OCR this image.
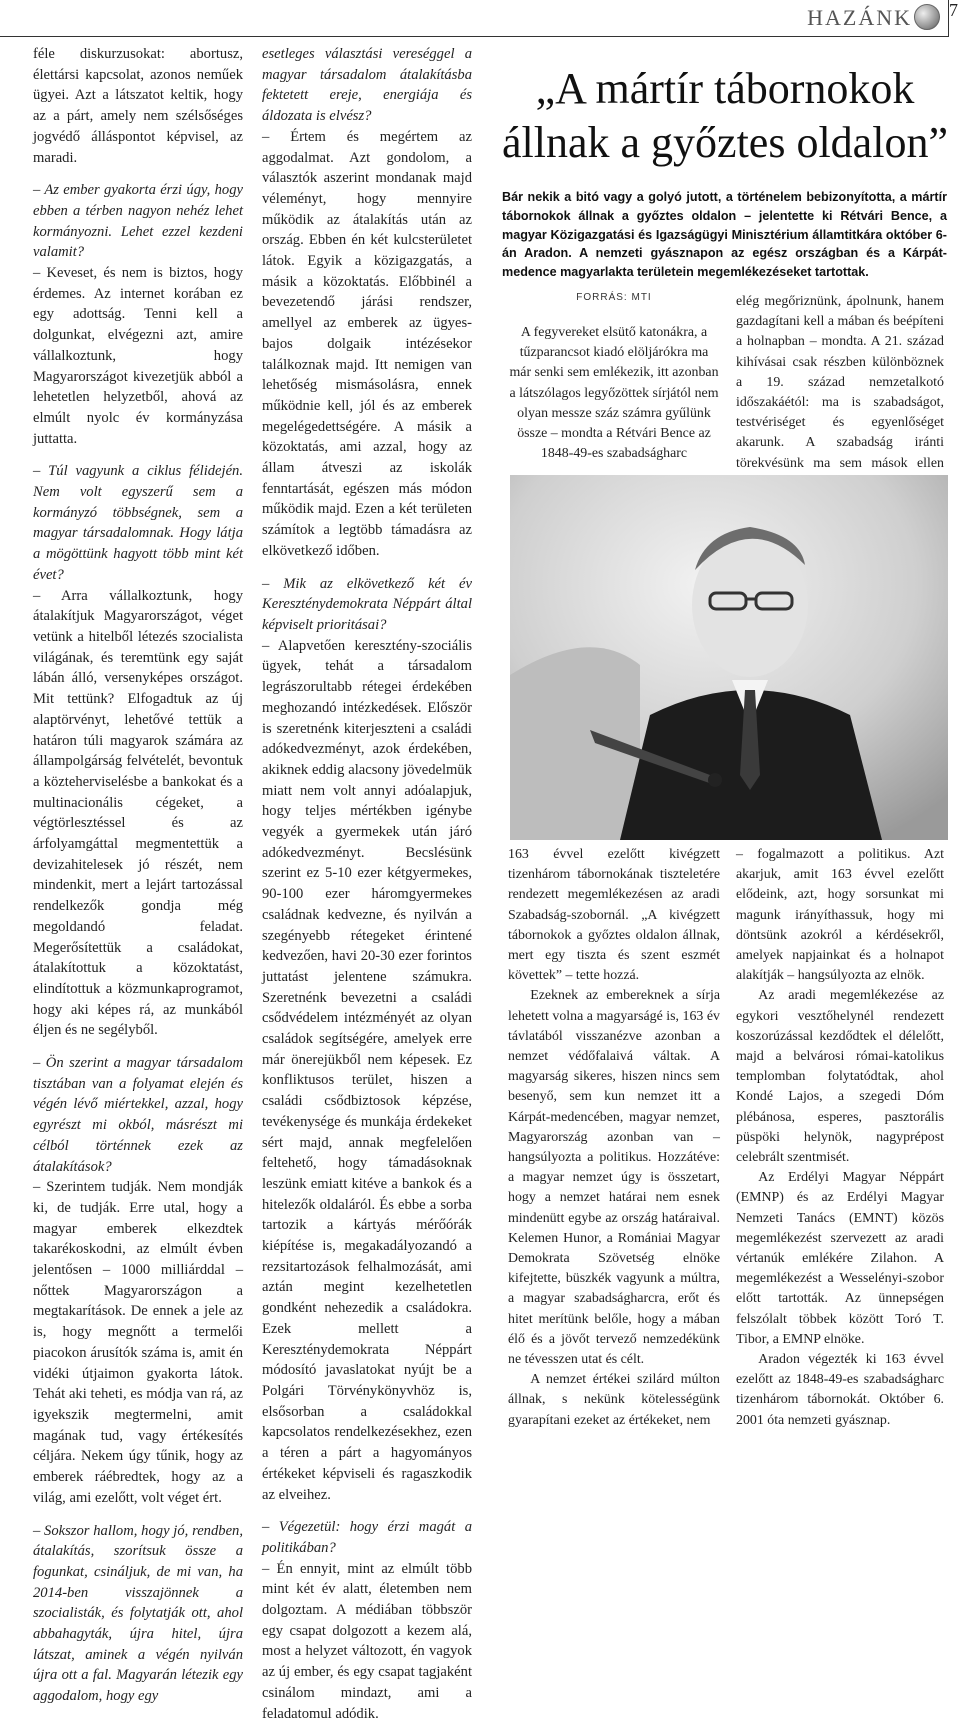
HAZÁNK 7

féle diskurzusokat: abortusz, élettársi kapcsolat, azonos neműek ügyei. Azt a látszatot keltik, hogy az a párt, amely nem szélsőséges jogvédő álláspontot képvisel, az maradi.

– Az ember gyakorta érzi úgy, hogy ebben a térben nagyon nehéz lehet kormányozni. Lehet ezzel kezdeni valamit?

– Keveset, és nem is biztos, hogy érdemes. Az internet korában ez egy adottság. Tenni kell a dolgunkat, elvégezni azt, amire vállalkoztunk, hogy Magyarországot kivezetjük abból a lehetetlen helyzetből, ahová az elmúlt nyolc év kormányzása juttatta.

– Túl vagyunk a ciklus félidején. Nem volt egyszerű sem a kormányzó többségnek, sem a magyar társadalomnak. Hogy látja a mögöttünk hagyott több mint két évet?

– Arra vállalkoztunk, hogy átalakítjuk Magyarországot, véget vetünk a hitelből létezés szocialista világának, és teremtünk egy saját lábán álló, versenyképes országot. Mit tettünk? Elfogadtuk az új alaptörvényt, lehetővé tettük a határon túli magyarok számára az állampolgárság felvételét, bevontuk a közteherviselésbe a bankokat és a multinacionális cégeket, a végtörlesztéssel és az árfolyamgáttal megmentettük a devizahitelesek jó részét, nem mindenkit, mert a lejárt tartozással rendelkezők gondja még megoldandó feladat. Megerősítettük a családokat, átalakítottuk a közoktatást, elindítottuk a közmunkaprogramot, hogy aki képes rá, az munkából éljen és ne segélyből.

– Ön szerint a magyar társadalom tisztában van a folyamat elején és végén lévő miértekkel, azzal, hogy egyrészt mi okból, másrészt mi célból történnek ezek az átalakítások?

– Szerintem tudják. Nem mondják ki, de tudják. Erre utal, hogy a magyar emberek elkezdtek takarékoskodni, az elmúlt évben jelentősen – 1000 milliárddal – nőttek Magyarországon a megtakarítások. De ennek a jele az is, hogy megnőtt a termelői piacokon árusítók száma is, amit én vidéki útjaimon gyakorta látok. Tehát aki teheti, es módja van rá, az igyekszik megtermelni, amit magának tud, vagy értékesítés céljára. Nekem úgy tűnik, hogy az emberek ráébredtek, hogy az a világ, ami ezelőtt, volt véget ért.

– Sokszor hallom, hogy jó, rendben, átalakítás, szorítsuk össze a fogunkat, csináljuk, de mi van, ha 2014-ben visszajönnek a szocialisták, és folytatják ott, ahol abbahagyták, újra hitel, újra látszat, aminek a végén nyilván újra ott a fal. Magyarán létezik egy aggodalom, hogy egy

esetleges választási vereséggel a magyar társadalom átalakításba fektetett ereje, energiája és áldozata is elvész?

– Értem és megértem az aggodalmat. Azt gondolom, a választók aszerint mondanak majd véleményt, hogy mennyire működik az átalakítás után az ország. Ebben én két kulcsterületet látok. Egyik a közigazgatás, a másik a közoktatás. Előbbinél a bevezetendő járási rendszer, amellyel az emberek az ügyes-bajos dolgaik intézésekor találkoznak majd. Itt nemigen van lehetőség mismásolásra, ennek működnie kell, jól és az emberek megelégedettségére. A másik a közoktatás, ami azzal, hogy az állam átveszi az iskolák fenntartását, egészen más módon működik majd. Ezen a két területen számítok a legtöbb támadásra az elkövetkező időben.

– Mik az elkövetkező két év Kereszténydemokrata Néppárt által képviselt prioritásai?

– Alapvetően keresztény-szociális ügyek, tehát a társadalom legrászorultabb rétegei érdekében meghozandó intézkedések. Először is szeretnénk kiterjeszteni a családi adókedvezményt, azok érdekében, akiknek eddig alacsony jövedelmük miatt nem volt annyi adóalapjuk, hogy teljes mértékben igénybe vegyék a gyermekek után járó adókedvezményt. Becslésünk szerint ez 5-10 ezer kétgyermekes, 90-100 ezer háromgyermekes családnak kedvezne, és nyilván a szegényebb rétegeket érintené kedvezően, havi 20-30 ezer forintos juttatást jelentene számukra. Szeretnénk bevezetni a családi csődvédelem intézményét az olyan családok segítségére, amelyek erre már önerejükből nem képesek. Ez konfliktusos terület, hiszen a családi csődbiztosok képzése, tevékenysége és munkája érdekeket sért majd, annak megfelelően feltehető, hogy támadásoknak leszünk emiatt kitéve a bankok és a hitelezők oldaláról. És ebbe a sorba tartozik a kártyás mérőórák kiépítése is, megakadályozandó a rezsitartozások felhalmozását, ami aztán megint kezelhetetlen gondként nehezedik a családokra. Ezek mellett a Kereszténydemokrata Néppárt módosító javaslatokat nyújt be a Polgári Törvénykönyvhöz is, elsősorban a családokkal kapcsolatos rendelkezésekhez, ezen a téren a párt a hagyományos értékeket képviseli és ragaszkodik az elveihez.

– Végezetül: hogy érzi magát a politikában?

– Én ennyit, mint az elmúlt több mint két év alatt, életemben nem dolgoztam. A médiában többször egy csapat dolgozott a kezem alá, most a helyzet változott, én vagyok az új ember, és egy csapat tagjaként csinálom mindazt, ami a feladatomul adódik.

„A mártír tábornokok
állnak a győztes oldalon”
Bár nekik a bitó vagy a golyó jutott, a történelem bebizonyította, a mártír tábornokok állnak a győztes oldalon – jelentette ki Rétvári Bence, a magyar Közigazgatási és Igazságügyi Minisztérium államtitkára október 6-án Aradon. A nemzeti gyásznapon az egész országban és a Kárpát-medence magyarlakta területein megemlékezéseket tartottak.
FORRÁS: MTI
A fegyvereket elsütő katonákra, a tűzparancsot kiadó elöljárókra ma már senki sem emlékezik, itt azonban a látszólagos legyőzöttek sírjától nem olyan messze száz számra gyűlünk össze – mondta a Rétvári Bence az 1848-49-es szabadságharc
elég megőriznünk, ápolnunk, hanem gazdagítani kell a mában és beépíteni a holnapban – mondta. A 21. század kihívásai csak részben különböznek a 19. század nemzetalkotó időszakáétól: ma is szabadságot, testvériséget és egyenlőséget akarunk. A szabadság iránti törekvésünk ma sem mások ellen

163 évvel ezelőtt kivégzett tizenhárom tábornokának tiszteletére rendezett megemlékezésen az aradi Szabadság-szobornál. „A kivégzett tábornokok a győztes oldalon állnak, mert egy tiszta és szent eszmét követtek” – tette hozzá.

Ezeknek az embereknek a sírja lehetett volna a magyarságé is, 163 év távlatából visszanézve azonban a nemzet védőfalaivá váltak. A magyarság sikeres, hiszen nincs sem besenyő, sem kun nemzet itt a Kárpát-medencében, magyar nemzet, Magyarország azonban van – hangsúlyozta a politikus. Hozzátéve: a magyar nemzet úgy is összetart, hogy a nemzet határai nem esnek mindenütt egybe az ország határaival. Kelemen Hunor, a Romániai Magyar Demokrata Szövetség elnöke kifejtette, büszkék vagyunk a múltra, a magyar szabadságharcra, erőt és hitet merítünk belőle, hogy a mában élő és a jövőt tervező nemzedékünk ne tévesszen utat és célt.

A nemzet értékei szilárd múlton állnak, s nekünk kötelességünk gyarapítani ezeket az értékeket, nem

– fogalmazott a politikus. Azt akarjuk, amit 163 évvel ezelőtt elődeink, azt, hogy sorsunkat mi magunk irányíthassuk, hogy mi döntsünk azokról a kérdésekről, amelyek napjainkat és a holnapot alakítják – hangsúlyozta az elnök.

Az aradi megemlékezése az egykori vesztőhelynél rendezett koszorúzással kezdődtek el délelőtt, majd a belvárosi római-katolikus templomban folytatódtak, ahol Kondé Lajos, a szegedi Dóm plébánosa, esperes, pasztorális püspöki helynök, nagyprépost celebrált szentmisét.

Az Erdélyi Magyar Néppárt (EMNP) és az Erdélyi Magyar Nemzeti Tanács (EMNT) közös megemlékezést szervezett az aradi vértanúk emlékére Zilahon. A megemlékezést a Wesselényi-szobor előtt tartották. Az ünnepségen felszólalt többek között Toró T. Tibor, a EMNP elnöke.

Aradon végezték ki 163 évvel ezelőtt az 1848-49-es szabadságharc tizenhárom tábornokát. Október 6. 2001 óta nemzeti gyásznap.
